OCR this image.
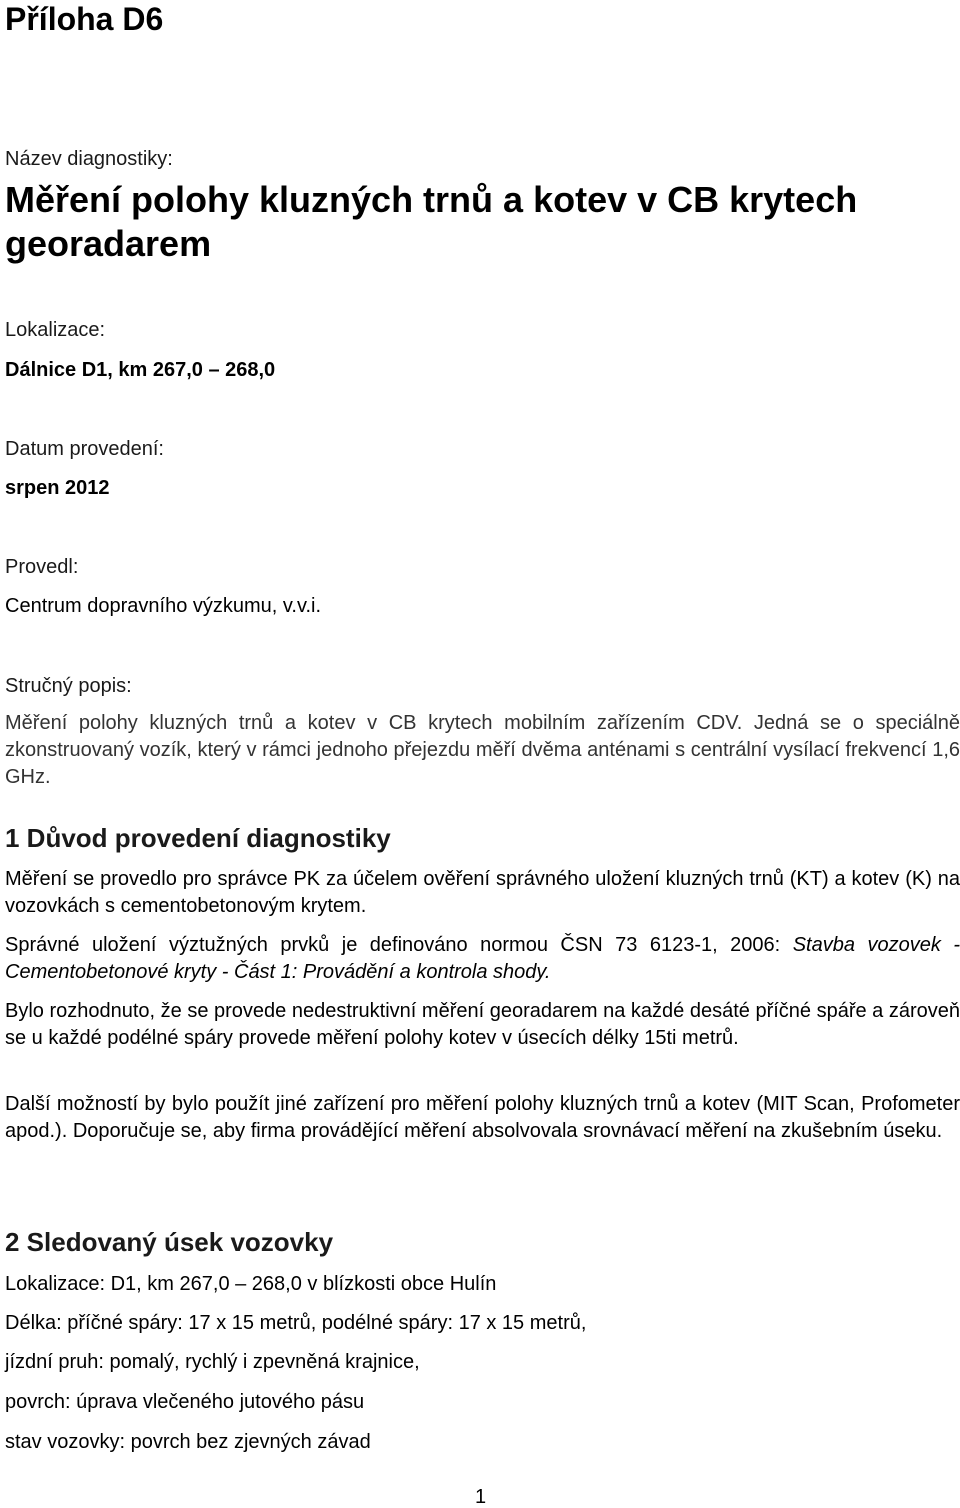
Příloha D6
Název diagnostiky:
Měření polohy kluzných trnů a kotev v CB krytech georadarem
Lokalizace:
Dálnice D1, km 267,0 – 268,0
Datum provedení:
srpen 2012
Provedl:
Centrum dopravního výzkumu, v.v.i.
Stručný popis:

Měření polohy kluzných trnů a kotev v CB krytech mobilním zařízením CDV. Jedná se o speciálně zkonstruovaný vozík, který v rámci jednoho přejezdu měří dvěma anténami s centrální vysílací frekvencí 1,6 GHz.

1 Důvod provedení diagnostiky

Měření se provedlo pro správce PK za účelem ověření správného uložení kluzných trnů (KT) a kotev (K) na vozovkách s cementobetonovým krytem.

Správné uložení výztužných prvků je definováno normou ČSN 73 6123-1, 2006: Stavba vozovek - Cementobetonové kryty - Část 1: Provádění a kontrola shody.

Bylo rozhodnuto, že se provede nedestruktivní měření georadarem na každé desáté příčné spáře a zároveň se u každé podélné spáry provede měření polohy kotev v úsecích délky 15ti metrů.

Další možností by bylo použít jiné zařízení pro měření polohy kluzných trnů a kotev (MIT Scan, Profometer apod.). Doporučuje se, aby firma provádějící měření absolvovala srovnávací měření na zkušebním úseku.

2 Sledovaný úsek vozovky
Lokalizace: D1, km 267,0 – 268,0 v blízkosti obce Hulín
Délka: příčné spáry: 17 x 15 metrů, podélné spáry: 17 x 15 metrů,
jízdní pruh: pomalý, rychlý i zpevněná krajnice,
povrch: úprava vlečeného jutového pásu
stav vozovky: povrch bez zjevných závad
1
